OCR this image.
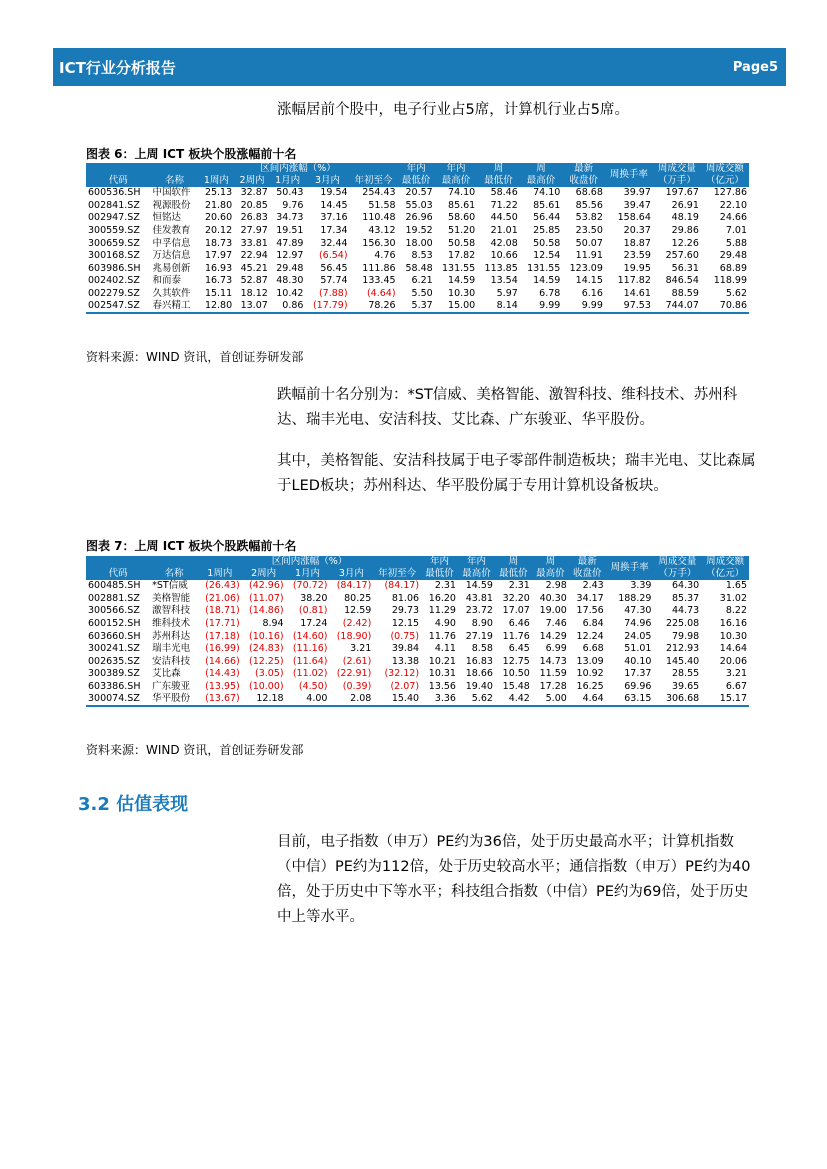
ICT行业分析报告	Page5
涨幅居前个股中，电子行业占5席，计算机行业占5席。
图表 6：上周 ICT 板块个股涨幅前十名
代码	名称	区间内涨幅（%）					年内	年内	周	周	最新	周换手率	周成交量	周成交额
		1周内	2周内	1月内	3月内	年初至今	最低价	最高价	最低价	最高价	收盘价		（万手）	（亿元）
600536.SH	中国软件	25.13	32.87	50.43	19.54	254.43	20.57	74.10	58.46	74.10	68.68	39.97	197.67	127.86
002841.SZ	视源股份	21.80	20.85	9.76	14.45	51.58	55.03	85.61	71.22	85.61	85.56	39.47	26.91	22.10
002947.SZ	恒铭达	20.60	26.83	34.73	37.16	110.48	26.96	58.60	44.50	56.44	53.82	158.64	48.19	24.66
300559.SZ	佳发教育	20.12	27.97	19.51	17.34	43.12	19.52	51.20	21.01	25.85	23.50	20.37	29.86	7.01
300659.SZ	中孚信息	18.73	33.81	47.89	32.44	156.30	18.00	50.58	42.08	50.58	50.07	18.87	12.26	5.88
300168.SZ	万达信息	17.97	22.94	12.97	(6.54)	4.76	8.53	17.82	10.66	12.54	11.91	23.59	257.60	29.48
603986.SH	兆易创新	16.93	45.21	29.48	56.45	111.86	58.48	131.55	113.85	131.55	123.09	19.95	56.31	68.89
002402.SZ	和而泰	16.73	52.87	48.30	57.74	133.45	6.21	14.59	13.54	14.59	14.15	117.82	846.54	118.99
002279.SZ	久其软件	15.11	18.12	10.42	(7.88)	(4.64)	5.50	10.30	5.97	6.78	6.16	14.61	88.59	5.62
002547.SZ	春兴精工	12.80	13.07	0.86	(17.79)	78.26	5.37	15.00	8.14	9.99	9.99	97.53	744.07	70.86
资料来源：WIND 资讯，首创证券研发部
跌幅前十名分别为：*ST信威、美格智能、激智科技、维科技术、苏州科达、瑞丰光电、安洁科技、艾比森、广东骏亚、华平股份。
其中，美格智能、安洁科技属于电子零部件制造板块；瑞丰光电、艾比森属于LED板块；苏州科达、华平股份属于专用计算机设备板块。
图表 7：上周 ICT 板块个股跌幅前十名
代码	名称	区间内涨幅（%）					年内	年内	周	周	最新	周换手率	周成交量	周成交额
		1周内	2周内	1月内	3月内	年初至今	最低价	最高价	最低价	最高价	收盘价		（万手）	（亿元）
600485.SH	*ST信威	(26.43)	(42.96)	(70.72)	(84.17)	(84.17)	2.31	14.59	2.31	2.98	2.43	3.39	64.30	1.65
002881.SZ	美格智能	(21.06)	(11.07)	38.20	80.25	81.06	16.20	43.81	32.20	40.30	34.17	188.29	85.37	31.02
300566.SZ	激智科技	(18.71)	(14.86)	(0.81)	12.59	29.73	11.29	23.72	17.07	19.00	17.56	47.30	44.73	8.22
600152.SH	维科技术	(17.71)	8.94	17.24	(2.42)	12.15	4.90	8.90	6.46	7.46	6.84	74.96	225.08	16.16
603660.SH	苏州科达	(17.18)	(10.16)	(14.60)	(18.90)	(0.75)	11.76	27.19	11.76	14.29	12.24	24.05	79.98	10.30
300241.SZ	瑞丰光电	(16.99)	(24.83)	(11.16)	3.21	39.84	4.11	8.58	6.45	6.99	6.68	51.01	212.93	14.64
002635.SZ	安洁科技	(14.66)	(12.25)	(11.64)	(2.61)	13.38	10.21	16.83	12.75	14.73	13.09	40.10	145.40	20.06
300389.SZ	艾比森	(14.43)	(3.05)	(11.02)	(22.91)	(32.12)	10.31	18.66	10.50	11.59	10.92	17.37	28.55	3.21
603386.SH	广东骏亚	(13.95)	(10.00)	(4.50)	(0.39)	(2.07)	13.56	19.40	15.48	17.28	16.25	69.96	39.65	6.67
300074.SZ	华平股份	(13.67)	12.18	4.00	2.08	15.40	3.36	5.62	4.42	5.00	4.64	63.15	306.68	15.17
资料来源：WIND 资讯，首创证券研发部
3.2 估值表现
目前，电子指数（申万）PE约为36倍，处于历史最高水平；计算机指数（中信）PE约为112倍，处于历史较高水平；通信指数（申万）PE约为40倍，处于历史中下等水平；科技组合指数（中信）PE约为69倍，处于历史中上等水平。
